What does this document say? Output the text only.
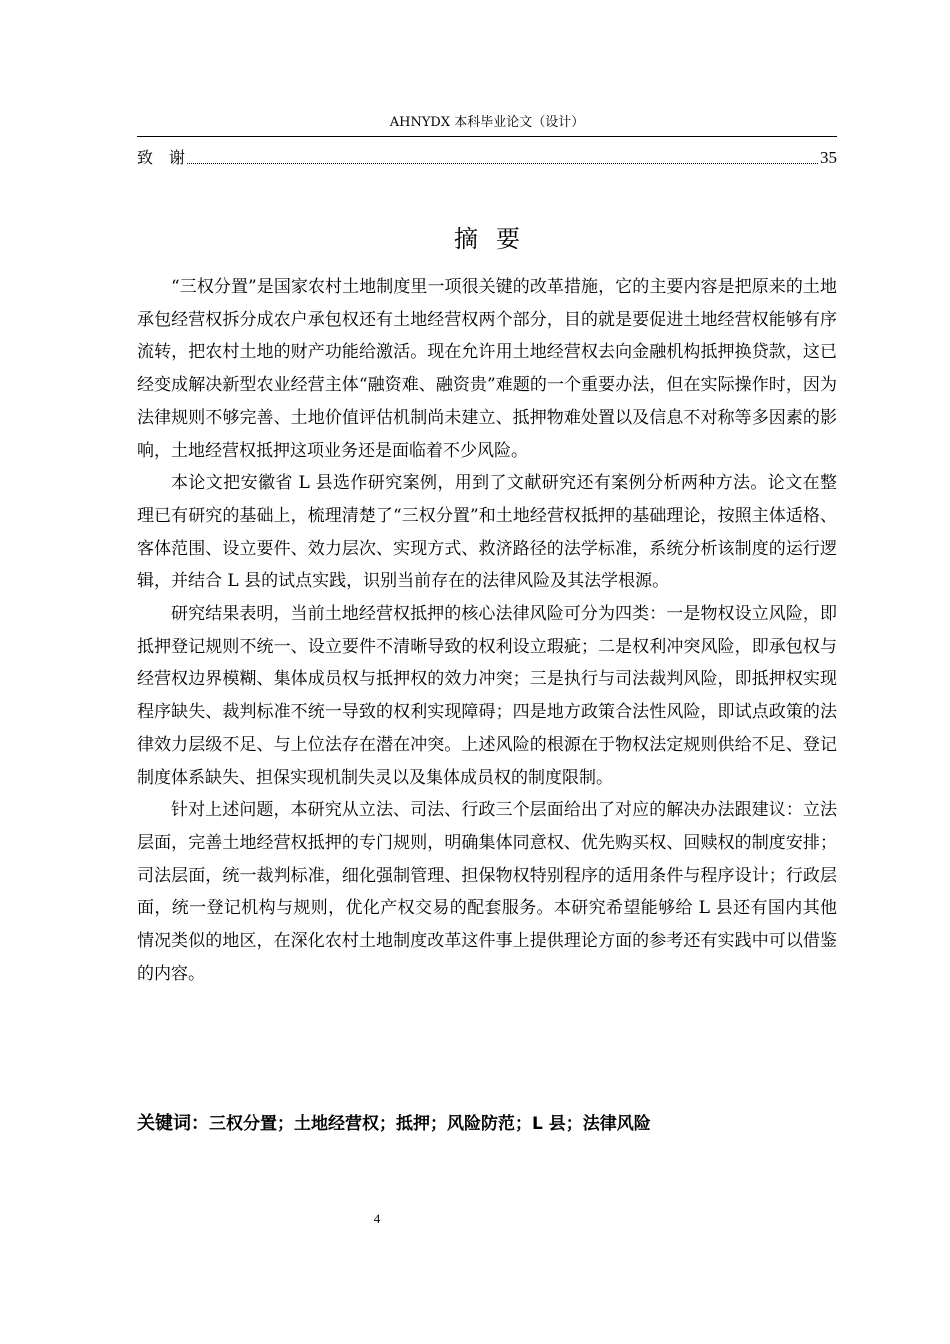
AHNYDX 本科毕业论文（设计）
致　谢	35
摘要

“三权分置”是国家农村土地制度里一项很关键的改革措施，它的主要内容是把原来的土地承包经营权拆分成农户承包权还有土地经营权两个部分，目的就是要促进土地经营权能够有序流转，把农村土地的财产功能给激活。现在允许用土地经营权去向金融机构抵押换贷款，这已经变成解决新型农业经营主体“融资难、融资贵”难题的一个重要办法，但在实际操作时，因为法律规则不够完善、土地价值评估机制尚未建立、抵押物难处置以及信息不对称等多因素的影响，土地经营权抵押这项业务还是面临着不少风险。

本论文把安徽省 L 县选作研究案例，用到了文献研究还有案例分析两种方法。论文在整理已有研究的基础上，梳理清楚了“三权分置”和土地经营权抵押的基础理论，按照主体适格、客体范围、设立要件、效力层次、实现方式、救济路径的法学标准，系统分析该制度的运行逻辑，并结合 L 县的试点实践，识别当前存在的法律风险及其法学根源。

研究结果表明，当前土地经营权抵押的核心法律风险可分为四类：一是物权设立风险，即抵押登记规则不统一、设立要件不清晰导致的权利设立瑕疵；二是权利冲突风险，即承包权与经营权边界模糊、集体成员权与抵押权的效力冲突；三是执行与司法裁判风险，即抵押权实现程序缺失、裁判标准不统一导致的权利实现障碍；四是地方政策合法性风险，即试点政策的法律效力层级不足、与上位法存在潜在冲突。上述风险的根源在于物权法定规则供给不足、登记制度体系缺失、担保实现机制失灵以及集体成员权的制度限制。

针对上述问题，本研究从立法、司法、行政三个层面给出了对应的解决办法跟建议：立法层面，完善土地经营权抵押的专门规则，明确集体同意权、优先购买权、回赎权的制度安排；司法层面，统一裁判标准，细化强制管理、担保物权特别程序的适用条件与程序设计；行政层面，统一登记机构与规则，优化产权交易的配套服务。本研究希望能够给 L 县还有国内其他情况类似的地区，在深化农村土地制度改革这件事上提供理论方面的参考还有实践中可以借鉴的内容。

关键词：三权分置；土地经营权；抵押；风险防范；L 县；法律风险
4
